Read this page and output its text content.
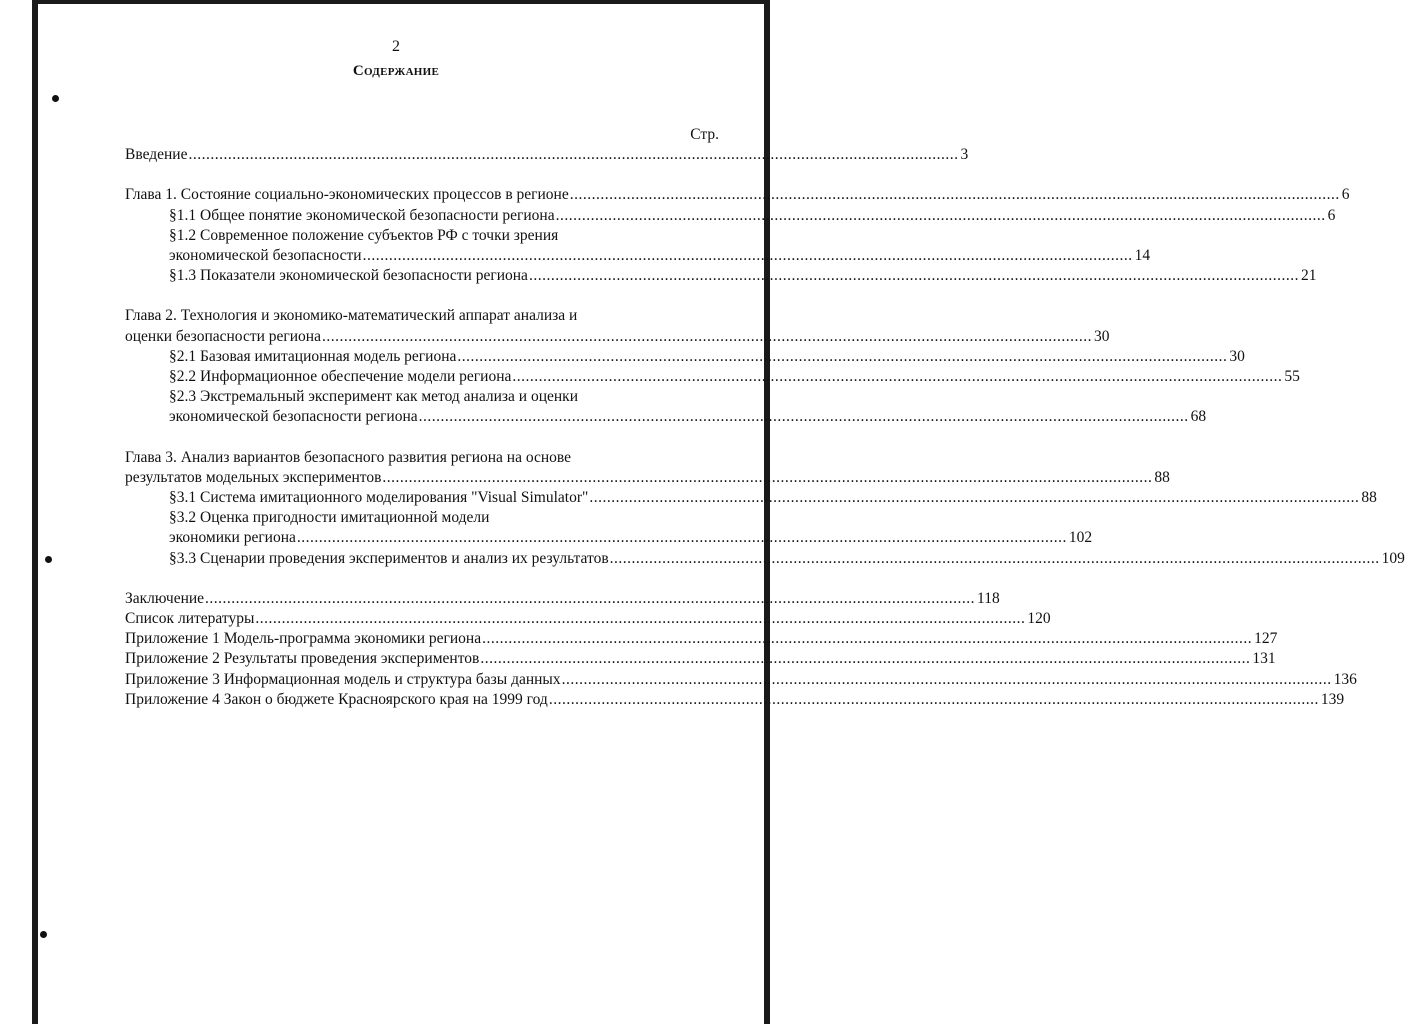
2
Содержание
Стр.
Введение .....	3
Глава 1. Состояние социально-экономических процессов в регионе .....	6
§1.1 Общее понятие экономической безопасности региона .....	6
§1.2 Современное положение субъектов РФ с точки зрения
экономической безопасности .....	14
§1.3 Показатели экономической безопасности региона .....	21
Глава 2. Технология и экономико-математический аппарат анализа и
оценки безопасности региона .....	30
§2.1 Базовая имитационная модель региона .....	30
§2.2 Информационное обеспечение модели региона .....	55
§2.3 Экстремальный эксперимент как метод анализа и оценки
экономической безопасности региона .....	68
Глава 3. Анализ вариантов безопасного развития региона на основе
результатов модельных экспериментов .....	88
§3.1 Система имитационного моделирования "Visual Simulator" .....	88
§3.2 Оценка пригодности имитационной модели
экономики региона .....	102
§3.3 Сценарии проведения экспериментов и анализ их результатов .....	109
Заключение .....	118
Список литературы .....	120
Приложение 1 Модель-программа экономики региона .....	127
Приложение 2 Результаты проведения экспериментов .....	131
Приложение 3 Информационная модель и структура базы данных .....	136
Приложение 4 Закон о бюджете Красноярского края на 1999 год .....	139
